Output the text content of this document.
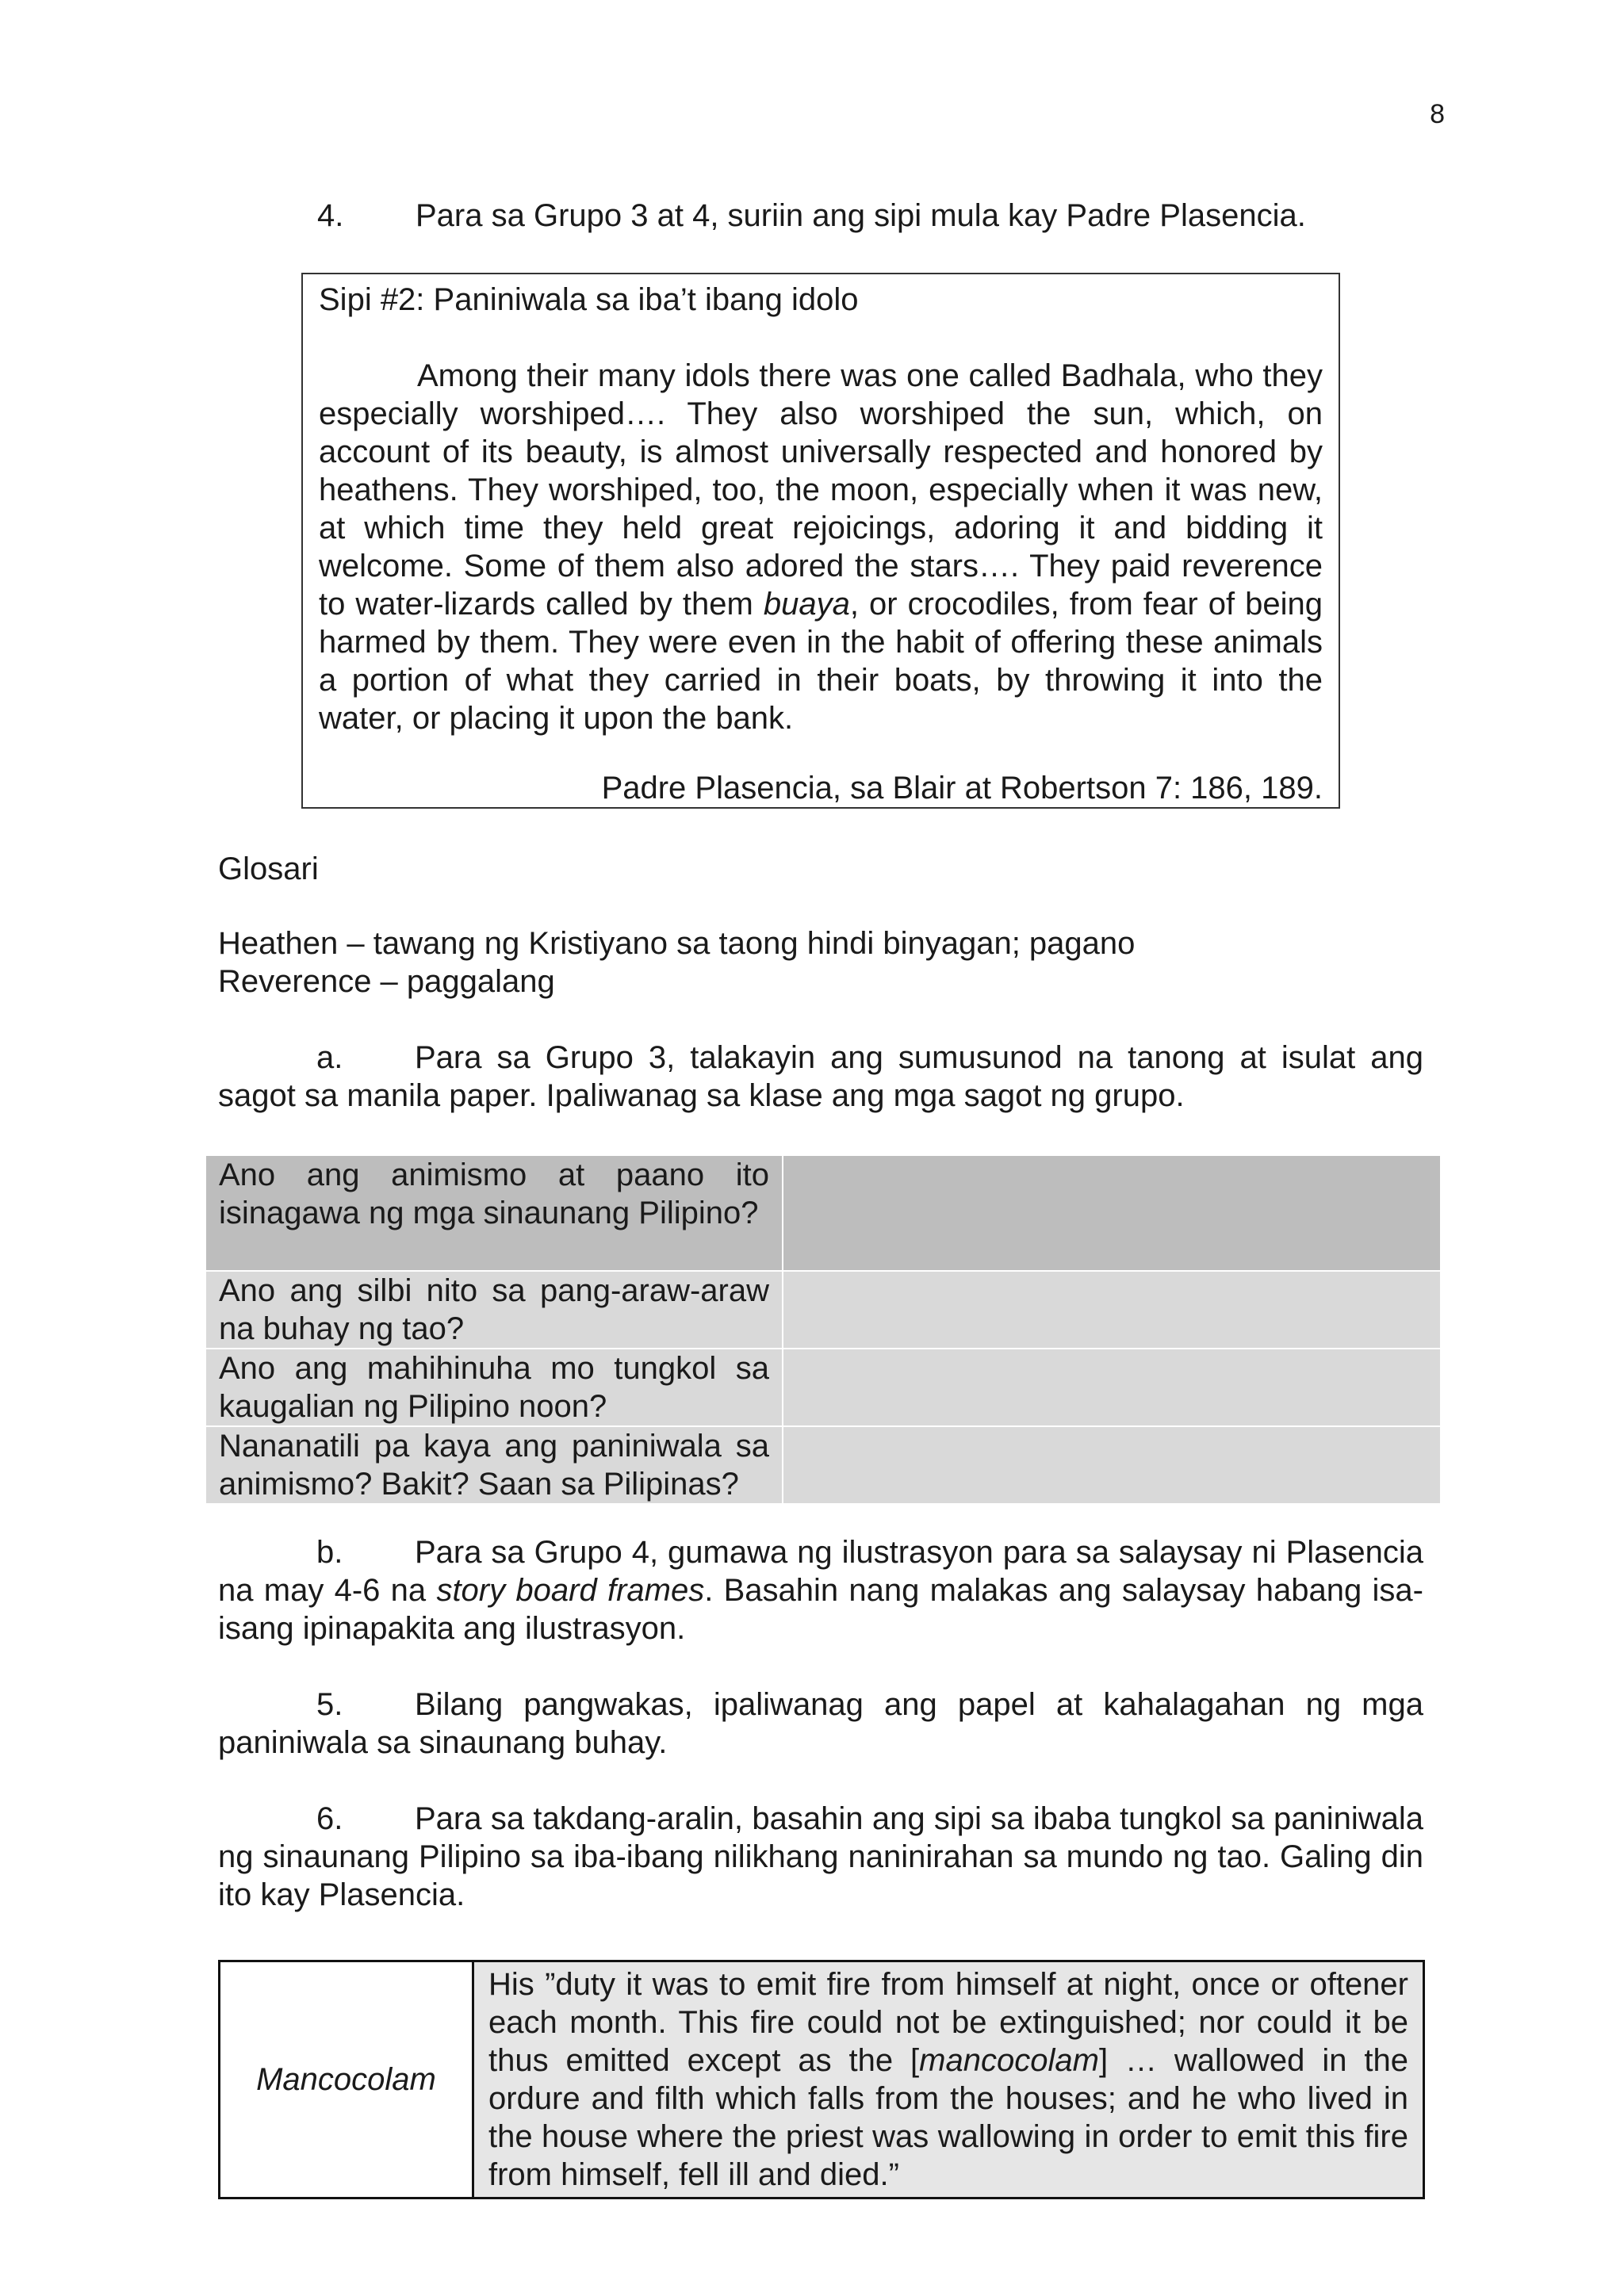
8
4. Para sa Grupo 3 at 4, suriin ang sipi mula kay Padre Plasencia.
Sipi #2: Paniniwala sa iba’t ibang idolo
Among their many idols there was one called Badhala, who they especially worshiped…. They also worshiped the sun, which, on account of its beauty, is almost universally respected and honored by heathens. They worshiped, too, the moon, especially when it was new, at which time they held great rejoicings, adoring it and bidding it welcome. Some of them also adored the stars…. They paid reverence to water-lizards called by them buaya, or crocodiles, from fear of being harmed by them. They were even in the habit of offering these animals a portion of what they carried in their boats, by throwing it into the water, or placing it upon the bank.
Padre Plasencia, sa Blair at Robertson 7: 186, 189.
Glosari
Heathen – tawang ng Kristiyano sa taong hindi binyagan; pagano
Reverence – paggalang
a. Para sa Grupo 3, talakayin ang sumusunod na tanong at isulat ang sagot sa manila paper. Ipaliwanag sa klase ang mga sagot ng grupo.
Ano ang animismo at paano ito isinagawa ng mga sinaunang Pilipino?	
Ano ang silbi nito sa pang-araw-araw na buhay ng tao?	
Ano ang mahihinuha mo tungkol sa kaugalian ng Pilipino noon?	
Nananatili pa kaya ang paniniwala sa animismo? Bakit? Saan sa Pilipinas?	
b. Para sa Grupo 4, gumawa ng ilustrasyon para sa salaysay ni Plasencia na may 4-6 na story board frames. Basahin nang malakas ang salaysay habang isa-isang ipinapakita ang ilustrasyon.
5. Bilang pangwakas, ipaliwanag ang papel at kahalagahan ng mga paniniwala sa sinaunang buhay.
6. Para sa takdang-aralin, basahin ang sipi sa ibaba tungkol sa paniniwala ng sinaunang Pilipino sa iba-ibang nilikhang naninirahan sa mundo ng tao. Galing din ito kay Plasencia.
Mancocolam	His ”duty it was to emit fire from himself at night, once or oftener each month. This fire could not be extinguished; nor could it be thus emitted except as the [mancocolam] … wallowed in the ordure and filth which falls from the houses; and he who lived in the house where the priest was wallowing in order to emit this fire from himself, fell ill and died.”
